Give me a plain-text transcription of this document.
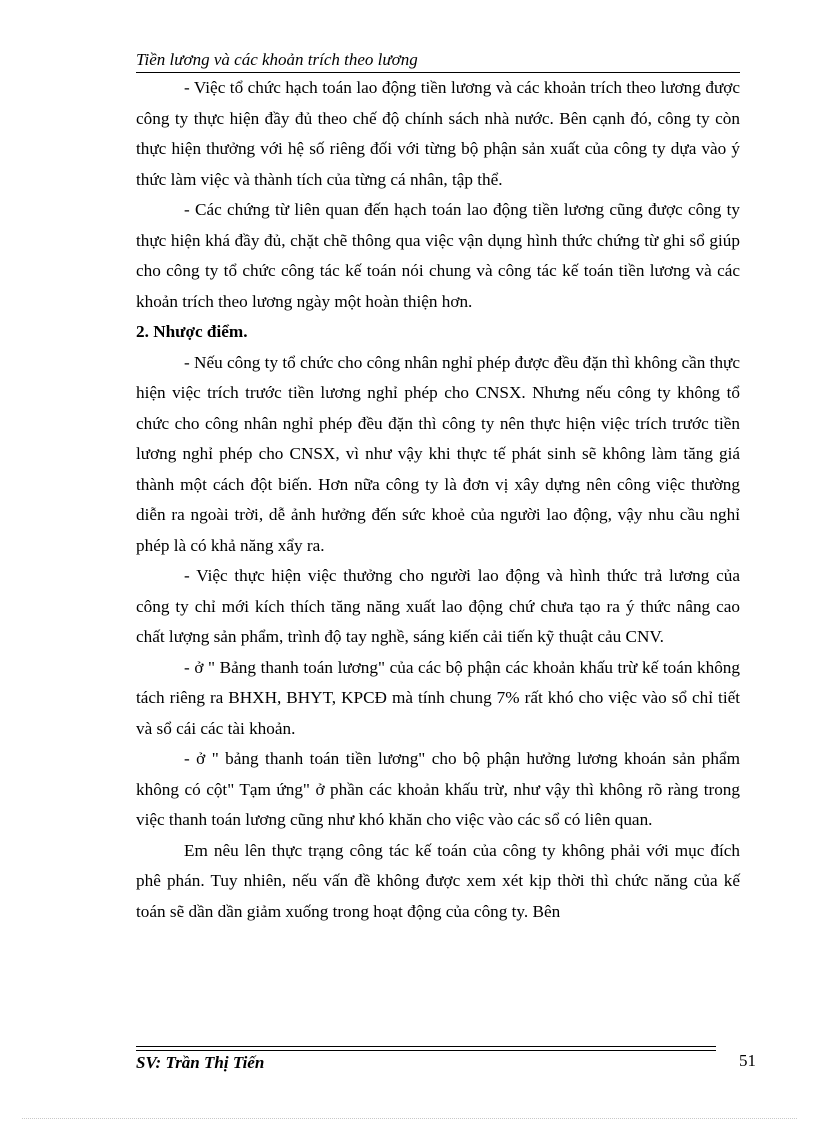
Tiền lương và các khoản trích theo lương

- Việc tổ chức hạch toán lao động tiền lương và các khoản trích theo lương được công ty thực hiện đầy đủ theo chế độ chính sách nhà nước. Bên cạnh đó, công ty còn thực hiện thưởng với hệ số riêng đối với từng bộ phận sản xuất của công ty dựa vào ý thức làm việc và thành tích của từng cá nhân, tập thể.

- Các chứng từ liên quan đến hạch toán lao động tiền lương cũng được công ty thực hiện khá đầy đủ, chặt chẽ thông qua việc vận dụng hình thức chứng từ ghi sổ giúp cho công ty tổ chức công tác kế toán nói chung và công tác kế toán tiền lương và các khoản trích theo lương ngày một hoàn thiện hơn.

2. Nhược điểm.

- Nếu công ty tổ chức cho công nhân nghỉ phép được đều đặn thì không cần thực hiện việc trích trước tiền lương nghỉ phép cho CNSX. Nhưng nếu công ty không tổ chức cho công nhân nghỉ phép đều đặn thì công ty nên thực hiện việc trích trước tiền lương nghỉ phép cho CNSX, vì như vậy khi thực tế phát sinh sẽ không làm tăng giá thành một cách đột biến. Hơn nữa công ty là đơn vị xây dựng nên công việc thường diễn ra ngoài trời, dễ ảnh hưởng đến sức khoẻ của người lao động, vậy nhu cầu nghỉ phép là có khả năng xẩy ra.

- Việc thực hiện việc thưởng cho người lao động và hình thức trả lương của công ty chỉ mới kích thích tăng năng xuất lao động chứ chưa tạo ra ý thức nâng cao chất lượng sản phẩm, trình độ tay nghề, sáng kiến cải tiến kỹ thuật cảu CNV.

- ở " Bảng thanh toán lương" của các bộ phận các khoản khấu trừ kế toán không tách riêng ra BHXH, BHYT, KPCĐ mà tính chung 7% rất khó cho việc vào sổ chỉ tiết và sổ cái các tài khoản.

- ở " bảng thanh toán tiền lương" cho bộ phận hưởng lương khoán sản phẩm không có cột" Tạm ứng" ở phần các khoản khấu trừ, như vậy thì không rõ ràng trong việc thanh toán lương cũng như khó khăn cho việc vào các sổ có liên quan.

Em nêu lên thực trạng công tác kế toán của công ty không phải với mục đích phê phán. Tuy nhiên, nếu vấn đề không được xem xét kịp thời thì chức năng của kế toán sẽ dần dần giảm xuống trong hoạt động của công ty. Bên

SV: Trần Thị Tiến	51
